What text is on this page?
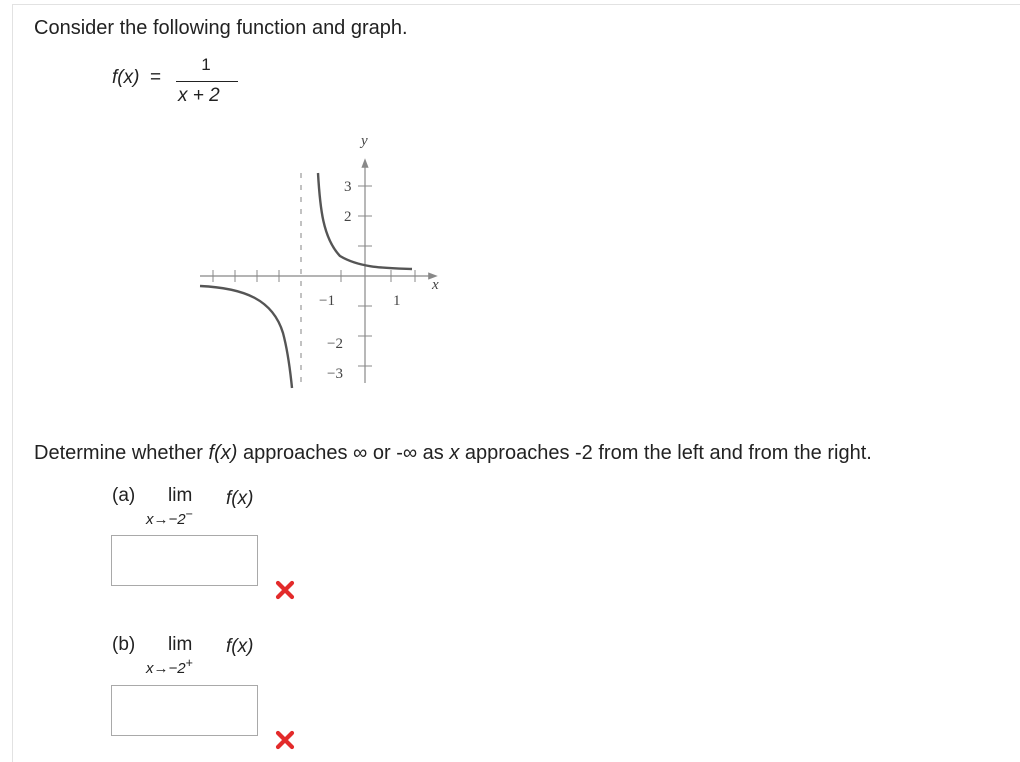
Consider the following function and graph.
f(x) =
1
x + 2
y
x
3
2
−1	1
−2
−3
Determine whether f(x) approaches ∞ or -∞ as x approaches -2 from the left and from the right.
(a) lim
x→−2−
f(x)
(b) lim
x→−2+
f(x)
